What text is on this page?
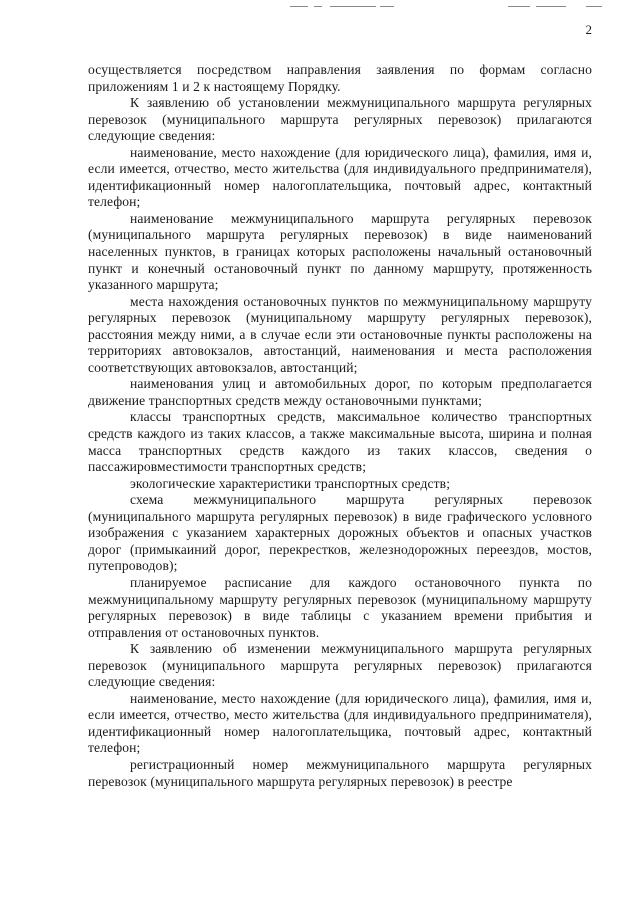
2

осуществляется посредством направления заявления по формам согласно приложениям 1 и 2 к настоящему Порядку.

К заявлению об установлении межмуниципального маршрута регулярных перевозок (муниципального маршрута регулярных перевозок) прилагаются следующие сведения:

наименование, место нахождение (для юридического лица), фамилия, имя и, если имеется, отчество, место жительства (для индивидуального предпринимателя), идентификационный номер налогоплательщика, почтовый адрес, контактный телефон;

наименование межмуниципального маршрута регулярных перевозок (муниципального маршрута регулярных перевозок) в виде наименований населенных пунктов, в границах которых расположены начальный остановочный пункт и конечный остановочный пункт по данному маршруту, протяженность указанного маршрута;

места нахождения остановочных пунктов по межмуниципальному маршруту регулярных перевозок (муниципальному маршруту регулярных перевозок), расстояния между ними, а в случае если эти остановочные пункты расположены на территориях автовокзалов, автостанций, наименования и места расположения соответствующих автовокзалов, автостанций;

наименования улиц и автомобильных дорог, по которым предполагается движение транспортных средств между остановочными пунктами;

классы транспортных средств, максимальное количество транспортных средств каждого из таких классов, а также максимальные высота, ширина и полная масса транспортных средств каждого из таких классов, сведения о пассажировместимости транспортных средств;

экологические характеристики транспортных средств;

схема межмуниципального маршрута регулярных перевозок (муниципального маршрута регулярных перевозок) в виде графического условного изображения с указанием характерных дорожных объектов и опасных участков дорог (примыкаиний дорог, перекрестков, железнодорожных переездов, мостов, путепроводов);

планируемое расписание для каждого остановочного пункта по межмуниципальному маршруту регулярных перевозок (муниципальному маршруту регулярных перевозок) в виде таблицы с указанием времени прибытия и отправления от остановочных пунктов.

К заявлению об изменении межмуниципального маршрута регулярных перевозок (муниципального маршрута регулярных перевозок) прилагаются следующие сведения:

наименование, место нахождение (для юридического лица), фамилия, имя и, если имеется, отчество, место жительства (для индивидуального предпринимателя), идентификационный номер налогоплательщика, почтовый адрес, контактный телефон;

регистрационный номер межмуниципального маршрута регулярных перевозок (муниципального маршрута регулярных перевозок) в реестре
